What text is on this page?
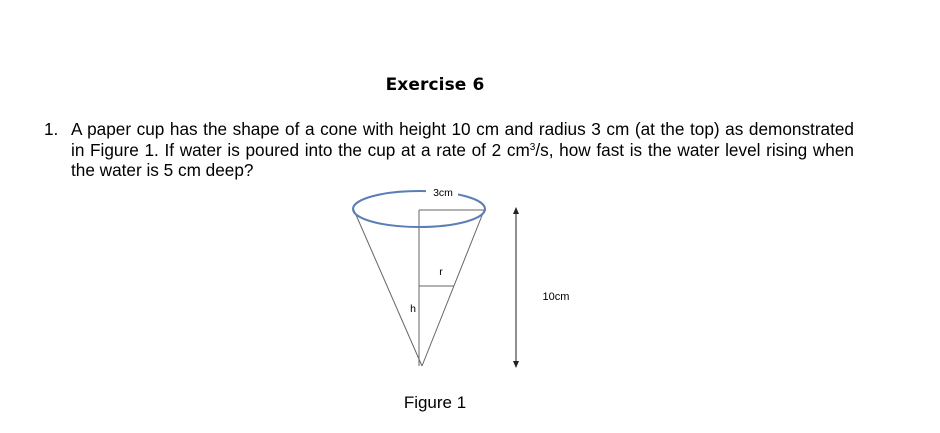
Exercise 6
1. A paper cup has the shape of a cone with height 10 cm and radius 3 cm (at the top) as demonstrated in Figure 1. If water is poured into the cup at a rate of 2 $cm^3/s$, how fast is the water level rising when the water is 5 cm deep?
3cm
r
h
10cm
Figure 1
